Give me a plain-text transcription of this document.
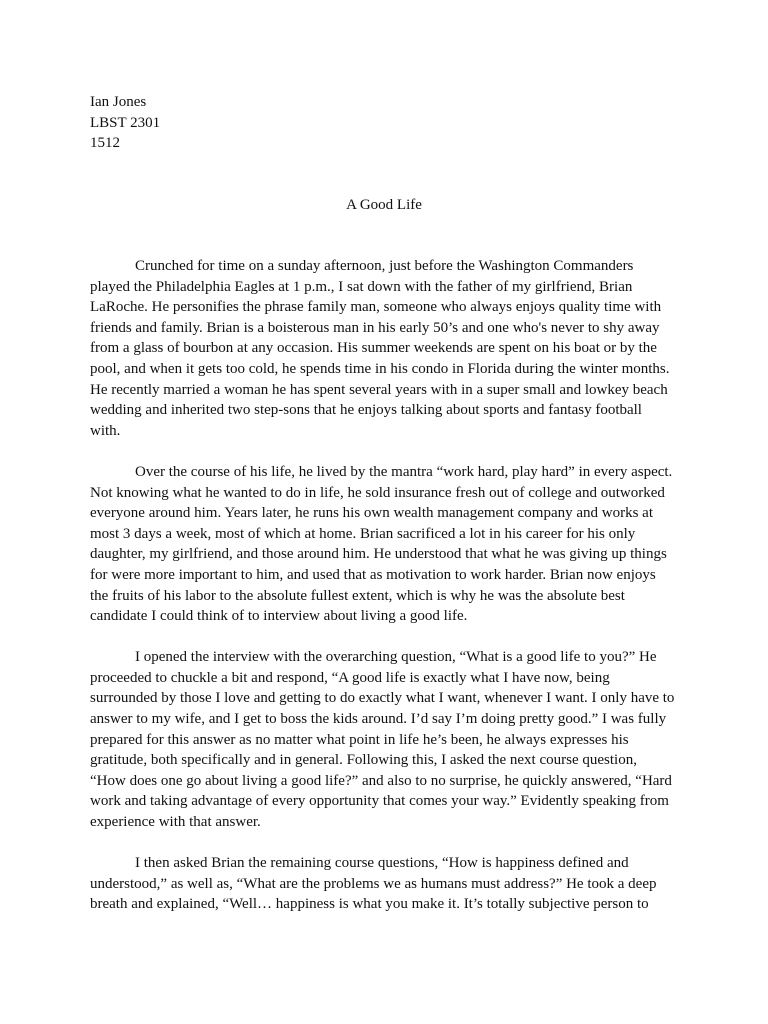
Ian Jones
LBST 2301
1512
A Good Life
Crunched for time on a sunday afternoon, just before the Washington Commanders
played the Philadelphia Eagles at 1 p.m., I sat down with the father of my girlfriend, Brian
LaRoche. He personifies the phrase family man, someone who always enjoys quality time with
friends and family. Brian is a boisterous man in his early 50’s and one who's never to shy away
from a glass of bourbon at any occasion. His summer weekends are spent on his boat or by the
pool, and when it gets too cold, he spends time in his condo in Florida during the winter months.
He recently married a woman he has spent several years with in a super small and lowkey beach
wedding and inherited two step-sons that he enjoys talking about sports and fantasy football
with.
Over the course of his life, he lived by the mantra “work hard, play hard” in every aspect.
Not knowing what he wanted to do in life, he sold insurance fresh out of college and outworked
everyone around him. Years later, he runs his own wealth management company and works at
most 3 days a week, most of which at home. Brian sacrificed a lot in his career for his only
daughter, my girlfriend, and those around him. He understood that what he was giving up things
for were more important to him, and used that as motivation to work harder. Brian now enjoys
the fruits of his labor to the absolute fullest extent, which is why he was the absolute best
candidate I could think of to interview about living a good life.
I opened the interview with the overarching question, “What is a good life to you?” He
proceeded to chuckle a bit and respond, “A good life is exactly what I have now, being
surrounded by those I love and getting to do exactly what I want, whenever I want. I only have to
answer to my wife, and I get to boss the kids around. I’d say I’m doing pretty good.” I was fully
prepared for this answer as no matter what point in life he’s been, he always expresses his
gratitude, both specifically and in general. Following this, I asked the next course question,
“How does one go about living a good life?” and also to no surprise, he quickly answered, “Hard
work and taking advantage of every opportunity that comes your way.” Evidently speaking from
experience with that answer.
I then asked Brian the remaining course questions, “How is happiness defined and
understood,” as well as, “What are the problems we as humans must address?” He took a deep
breath and explained, “Well… happiness is what you make it. It’s totally subjective person to
